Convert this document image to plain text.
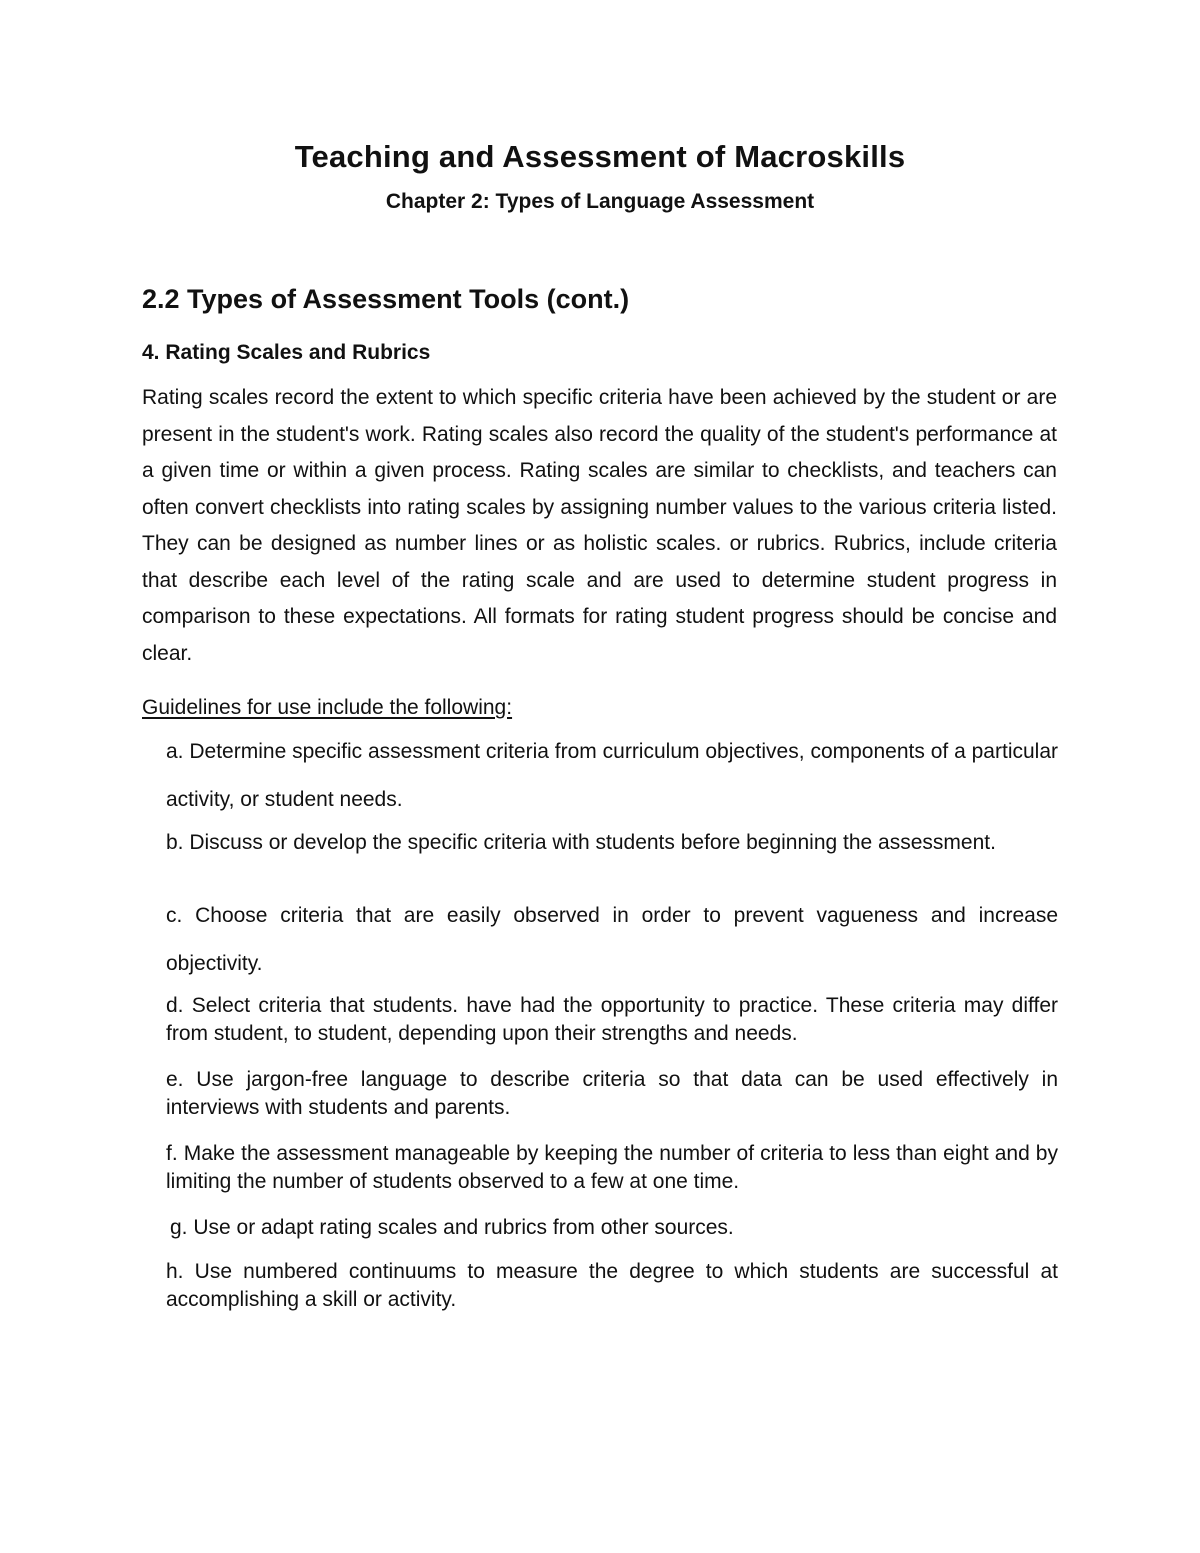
Teaching and Assessment of Macroskills
Chapter 2: Types of Language Assessment
2.2 Types of Assessment Tools (cont.)
4. Rating Scales and Rubrics

Rating scales record the extent to which specific criteria have been achieved by the student or are present in the student's work. Rating scales also record the quality of the student's performance at a given time or within a given process. Rating scales are similar to checklists, and teachers can often convert checklists into rating scales by assigning number values to the various criteria listed. They can be designed as number lines or as holistic scales. or rubrics. Rubrics, include criteria that describe each level of the rating scale and are used to determine student progress in comparison to these expectations. All formats for rating student progress should be concise and clear.

Guidelines for use include the following:

a. Determine specific assessment criteria from curriculum objectives, components of a particular activity, or student needs.

b. Discuss or develop the specific criteria with students before beginning the assessment.

c. Choose criteria that are easily observed in order to prevent vagueness and increase objectivity.

d. Select criteria that students. have had the opportunity to practice. These criteria may differ from student, to student, depending upon their strengths and needs.

e. Use jargon-free language to describe criteria so that data can be used effectively in interviews with students and parents.

f. Make the assessment manageable by keeping the number of criteria to less than eight and by limiting the number of students observed to a few at one time.

g. Use or adapt rating scales and rubrics from other sources.

h. Use numbered continuums to measure the degree to which students are successful at accomplishing a skill or activity.
